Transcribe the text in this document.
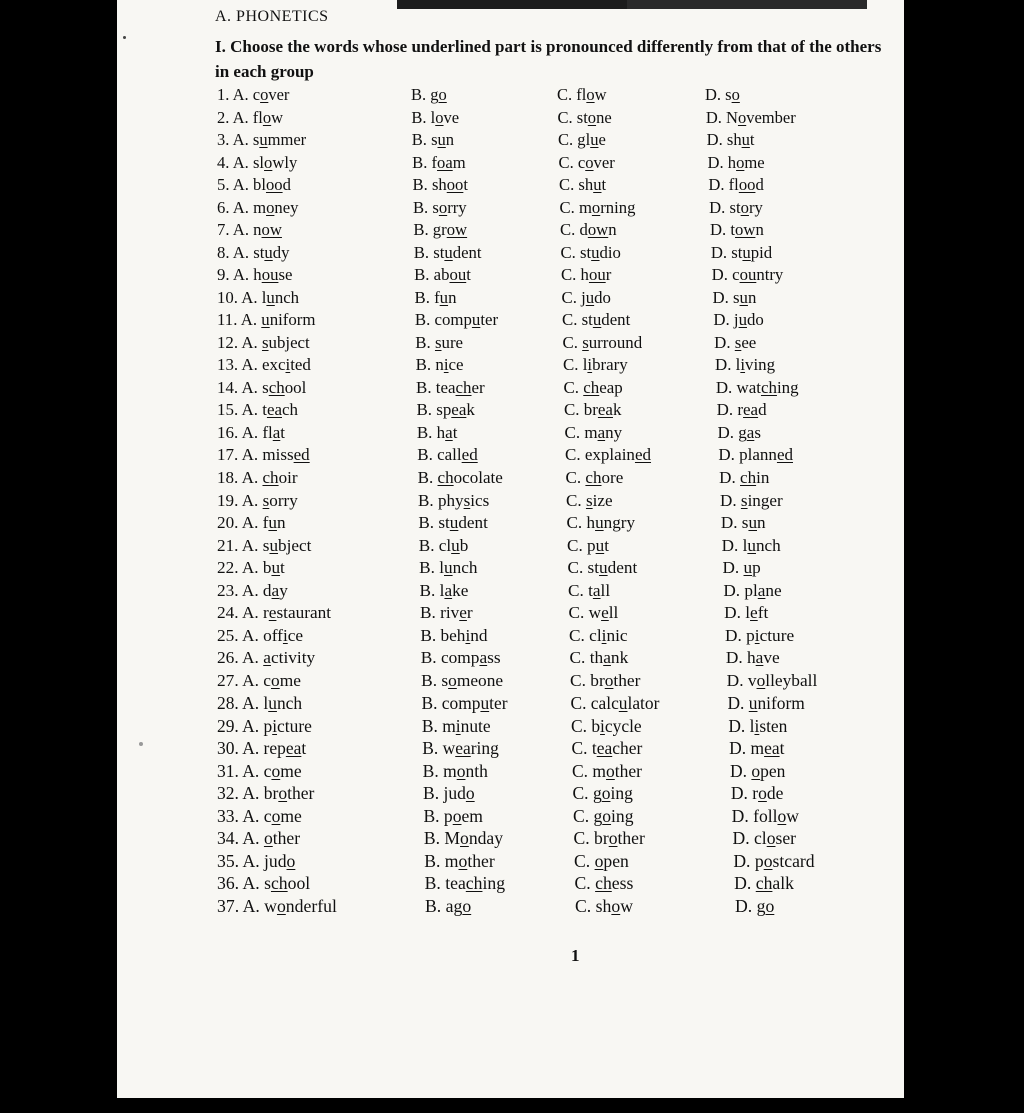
A. PHONETICS
I. Choose the words whose underlined part is pronounced differently from that of the others in each group
1. A. cover	B. go	C. flow	D. so
2. A. flow	B. love	C. stone	D. November
3. A. summer	B. sun	C. glue	D. shut
4. A. slowly	B. foam	C. cover	D. home
5. A. blood	B. shoot	C. shut	D. flood
6. A. money	B. sorry	C. morning	D. story
7. A. now	B. grow	C. down	D. town
8. A. study	B. student	C. studio	D. stupid
9. A. house	B. about	C. hour	D. country
10. A. lunch	B. fun	C. judo	D. sun
11. A. uniform	B. computer	C. student	D. judo
12. A. subject	B. sure	C. surround	D. see
13. A. excited	B. nice	C. library	D. living
14. A. school	B. teacher	C. cheap	D. watching
15. A. teach	B. speak	C. break	D. read
16. A. flat	B. hat	C. many	D. gas
17. A. missed	B. called	C. explained	D. planned
18. A. choir	B. chocolate	C. chore	D. chin
19. A. sorry	B. physics	C. size	D. singer
20. A. fun	B. student	C. hungry	D. sun
21. A. subject	B. club	C. put	D. lunch
22. A. but	B. lunch	C. student	D. up
23. A. day	B. lake	C. tall	D. plane
24. A. restaurant	B. river	C. well	D. left
25. A. office	B. behind	C. clinic	D. picture
26. A. activity	B. compass	C. thank	D. have
27. A. come	B. someone	C. brother	D. volleyball
28. A. lunch	B. computer	C. calculator	D. uniform
29. A. picture	B. minute	C. bicycle	D. listen
30. A. repeat	B. wearing	C. teacher	D. meat
31. A. come	B. month	C. mother	D. open
32. A. brother	B. judo	C. going	D. rode
33. A. come	B. poem	C. going	D. follow
34. A. other	B. Monday	C. brother	D. closer
35. A. judo	B. mother	C. open	D. postcard
36. A. school	B. teaching	C. chess	D. chalk
37. A. wonderful	B. ago	C. show	D. go
1
